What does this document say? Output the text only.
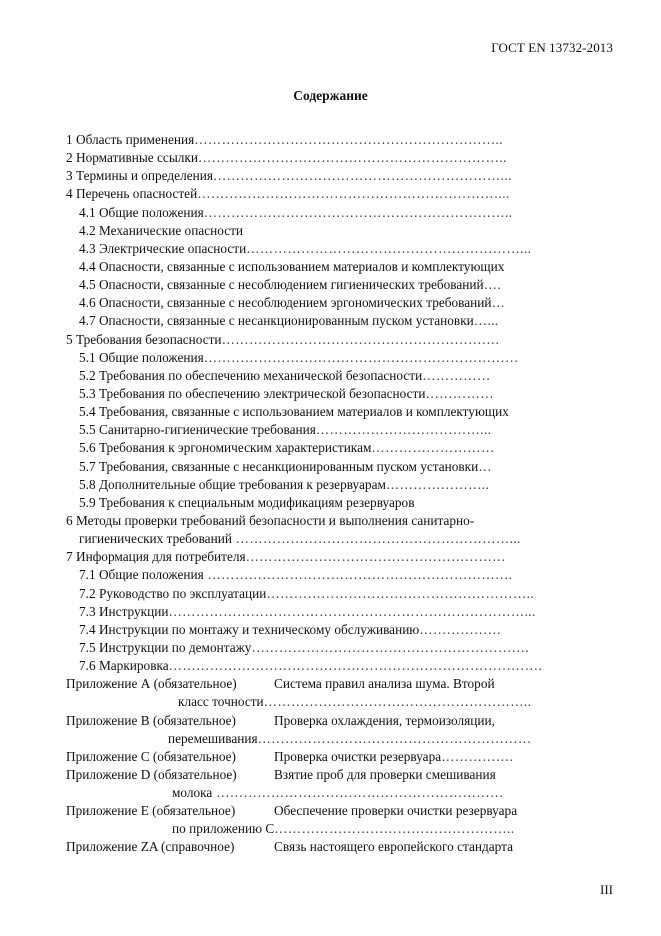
ГОСТ EN 13732-2013
Содержание
1 Область применения…………………………………………………………..
2 Нормативные ссылки…………………………………………………………..
3 Термины и определения………………………………………………………...
4 Перечень опасностей…………………………………………………………...
4.1 Общие положения…………………………………………………………..
4.2 Механические опасности
4.3 Электрические опасности……………………………………………………...
4.4 Опасности, связанные с использованием материалов и комплектующих
4.5 Опасности, связанные с несоблюдением гигиенических требований….
4.6 Опасности, связанные с несоблюдением эргономических требований…
4.7 Опасности, связанные с несанкционированным пуском установки…...
5 Требования безопасности…………………………………………………….
5.1 Общие положения……………………………………………………………
5.2 Требования по обеспечению механической безопасности……………
5.3 Требования по обеспечению электрической безопасности……………
5.4 Требования, связанные с использованием материалов и комплектующих
5.5 Санитарно-гигиенические требования………………………………...
5.6 Требования к эргономическим характеристикам………………………
5.7 Требования, связанные с несанкционированным пуском установки…
5.8 Дополнительные общие требования к резервуарам…………………..
5.9 Требования к специальным модификациям резервуаров
6 Методы проверки требований безопасности и выполнения санитарно-
гигиенических требований ……………………………………………………...
7 Информация для потребителя…………………………………………………
7.1 Общие положения ………………………………………………………….
7.2 Руководство по эксплуатации…………………………………………………..
7.3 Инструкции……………………………………………………………………...
7.4 Инструкции по монтажу и техническому обслуживанию………………
7.5 Инструкции по демонтажу…………………………………………………….
7.6 Маркировка……………………………………………………………………….
Приложение А (обязательное)	Система правил анализа шума. Второй
класс точности…………………………………………………..
Приложение В (обязательное)	Проверка охлаждения, термоизоляции,
перемешивания……………………………………………………
Приложение С (обязательное)	Проверка очистки резервуара…………….
Приложение D (обязательное)	Взятие проб для проверки смешивания
молока ………………………………………………………
Приложение Е (обязательное)	Обеспечение проверки очистки резервуара
по приложению С……………………………………………..
Приложение ZA (справочное)	Связь настоящего европейского стандарта
III
